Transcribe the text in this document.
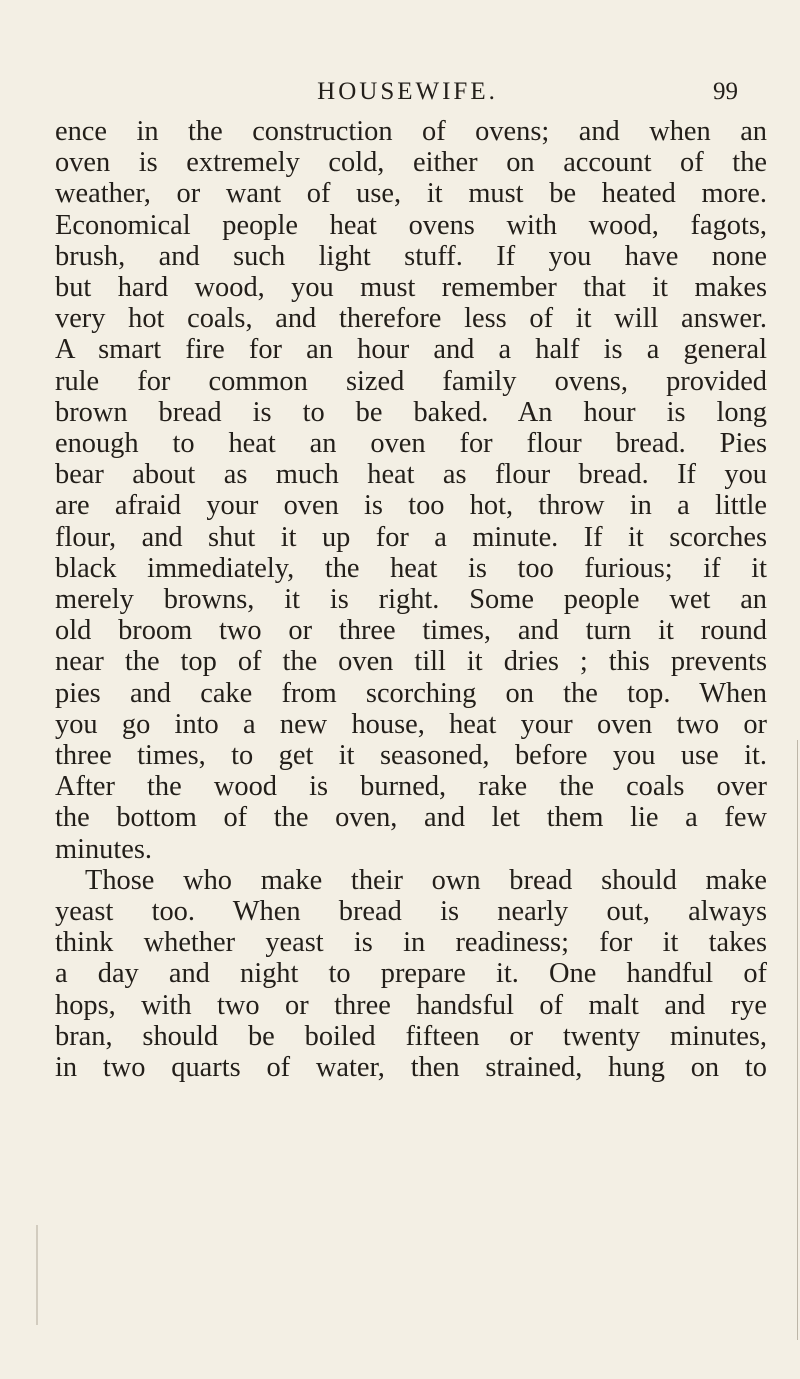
HOUSEWIFE.	99
ence in the construction of ovens; and when an
oven is extremely cold, either on account of the
weather, or want of use, it must be heated more.
Economical people heat ovens with wood, fagots,
brush, and such light stuff. If you have none
but hard wood, you must remember that it makes
very hot coals, and therefore less of it will answer.
A smart fire for an hour and a half is a general
rule for common sized family ovens, provided
brown bread is to be baked. An hour is long
enough to heat an oven for flour bread. Pies
bear about as much heat as flour bread. If you
are afraid your oven is too hot, throw in a little
flour, and shut it up for a minute. If it scorches
black immediately, the heat is too furious; if it
merely browns, it is right. Some people wet an
old broom two or three times, and turn it round
near the top of the oven till it dries ; this prevents
pies and cake from scorching on the top. When
you go into a new house, heat your oven two or
three times, to get it seasoned, before you use it.
After the wood is burned, rake the coals over
the bottom of the oven, and let them lie a few
minutes.
Those who make their own bread should make
yeast too. When bread is nearly out, always
think whether yeast is in readiness; for it takes
a day and night to prepare it. One handful of
hops, with two or three handsful of malt and rye
bran, should be boiled fifteen or twenty minutes,
in two quarts of water, then strained, hung on to
